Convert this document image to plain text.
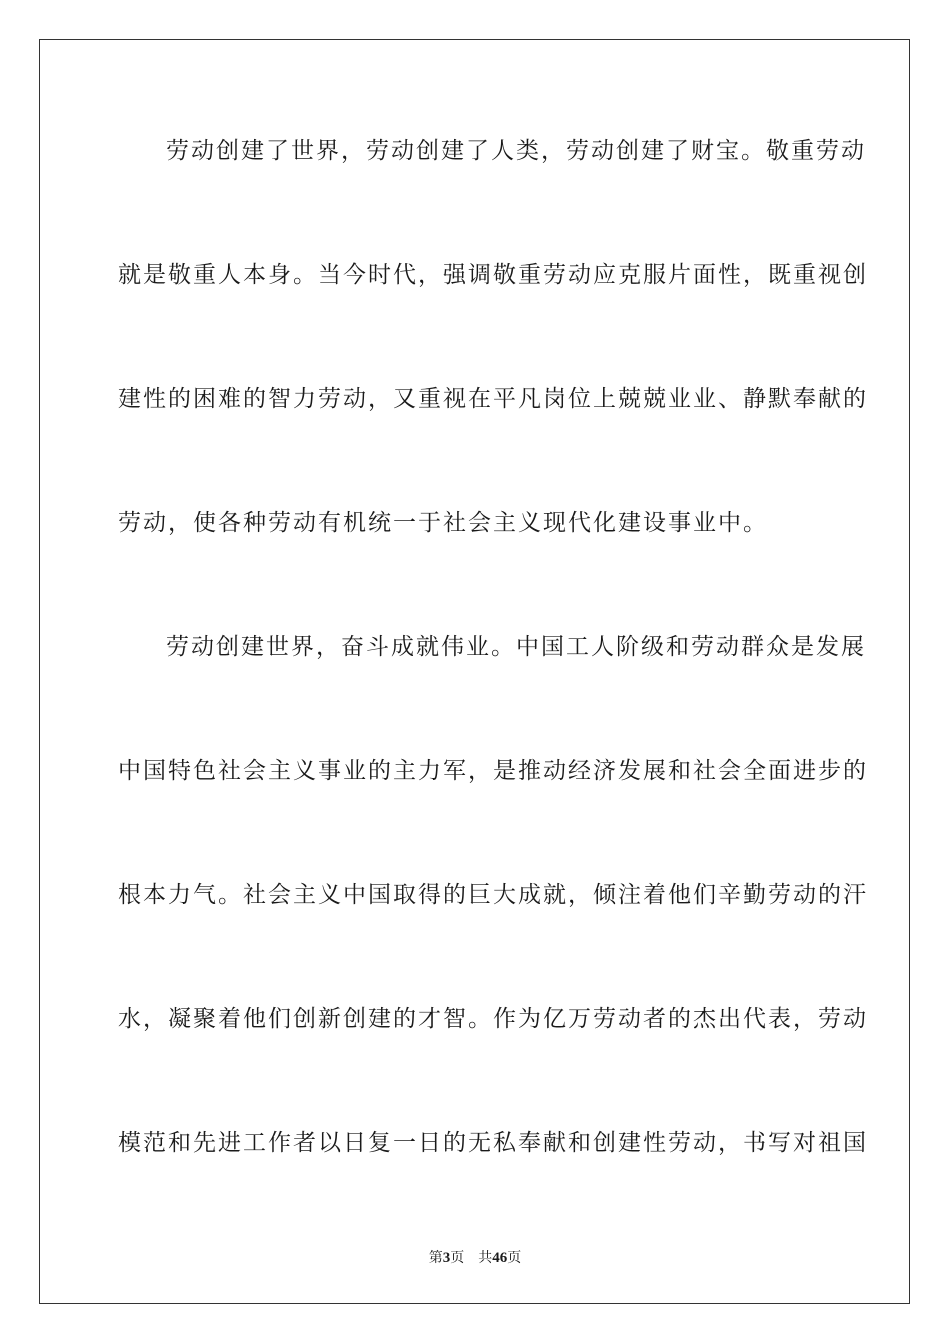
劳动创建了世界，劳动创建了人类，劳动创建了财宝。敬重劳动
就是敬重人本身。当今时代，强调敬重劳动应克服片面性，既重视创
建性的困难的智力劳动，又重视在平凡岗位上兢兢业业、静默奉献的
劳动，使各种劳动有机统一于社会主义现代化建设事业中。
劳动创建世界，奋斗成就伟业。中国工人阶级和劳动群众是发展
中国特色社会主义事业的主力军，是推动经济发展和社会全面进步的
根本力气。社会主义中国取得的巨大成就，倾注着他们辛勤劳动的汗
水，凝聚着他们创新创建的才智。作为亿万劳动者的杰出代表，劳动
模范和先进工作者以日复一日的无私奉献和创建性劳动，书写对祖国
第3页 共46页
